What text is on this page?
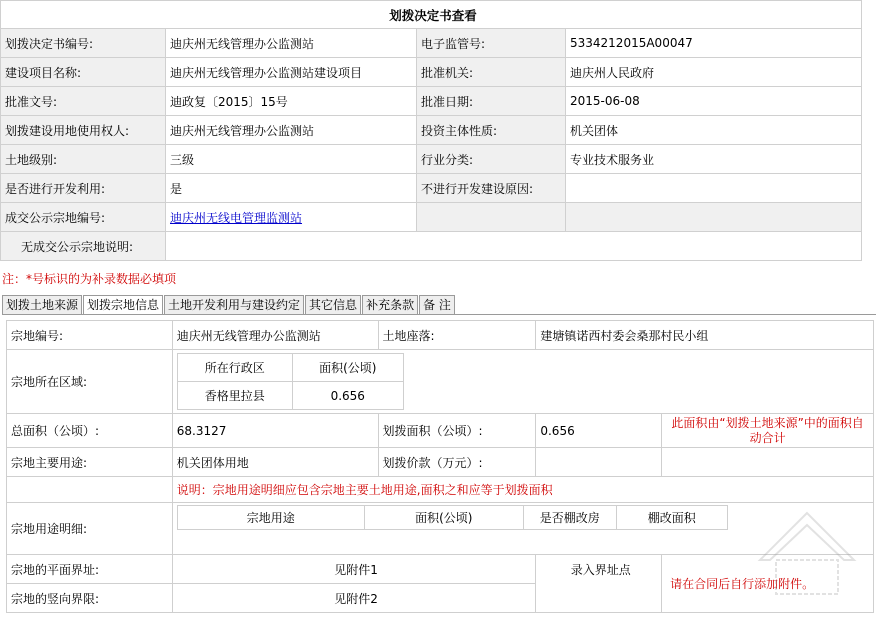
划拨决定书查看			
划拨决定书编号:	迪庆州无线管理办公监测站	电子监管号:	5334212015A00047
建设项目名称:	迪庆州无线管理办公监测站建设项目	批准机关:	迪庆州人民政府
批准文号:	迪政复〔2015〕15号	批准日期:	2015-06-08
划拨建设用地使用权人:	迪庆州无线管理办公监测站	投资主体性质:	机关团体
土地级别:	三级	行业分类:	专业技术服务业
是否进行开发利用:	是	不进行开发建设原因:	
成交公示宗地编号:	迪庆州无线电管理监测站		
无成交公示宗地说明:			
注：*号标识的为补录数据必填项
划拨土地来源 划拨宗地信息 土地开发利用与建设约定 其它信息 补充条款 备 注
宗地编号:	迪庆州无线管理办公监测站	土地座落:	建塘镇诺西村委会桑那村民小组
宗地所在区域:	
所在行政区	面积(公顷)
香格里拉县	0.656

总面积（公顷）:	68.3127	划拨面积（公顷）:	0.656	此面积由“划拨土地来源”中的面积自动合计
宗地主要用途:	机关团体用地	划拨价款（万元）:		
	说明：宗地用途明细应包含宗地主要土地用途,面积之和应等于划拨面积
宗地用途明细:	
宗地用途	面积(公顷)	是否棚改房	棚改面积

宗地的平面界址:	见附件1	录入界址点	请在合同后自行添加附件。
宗地的竖向界限:	见附件2
